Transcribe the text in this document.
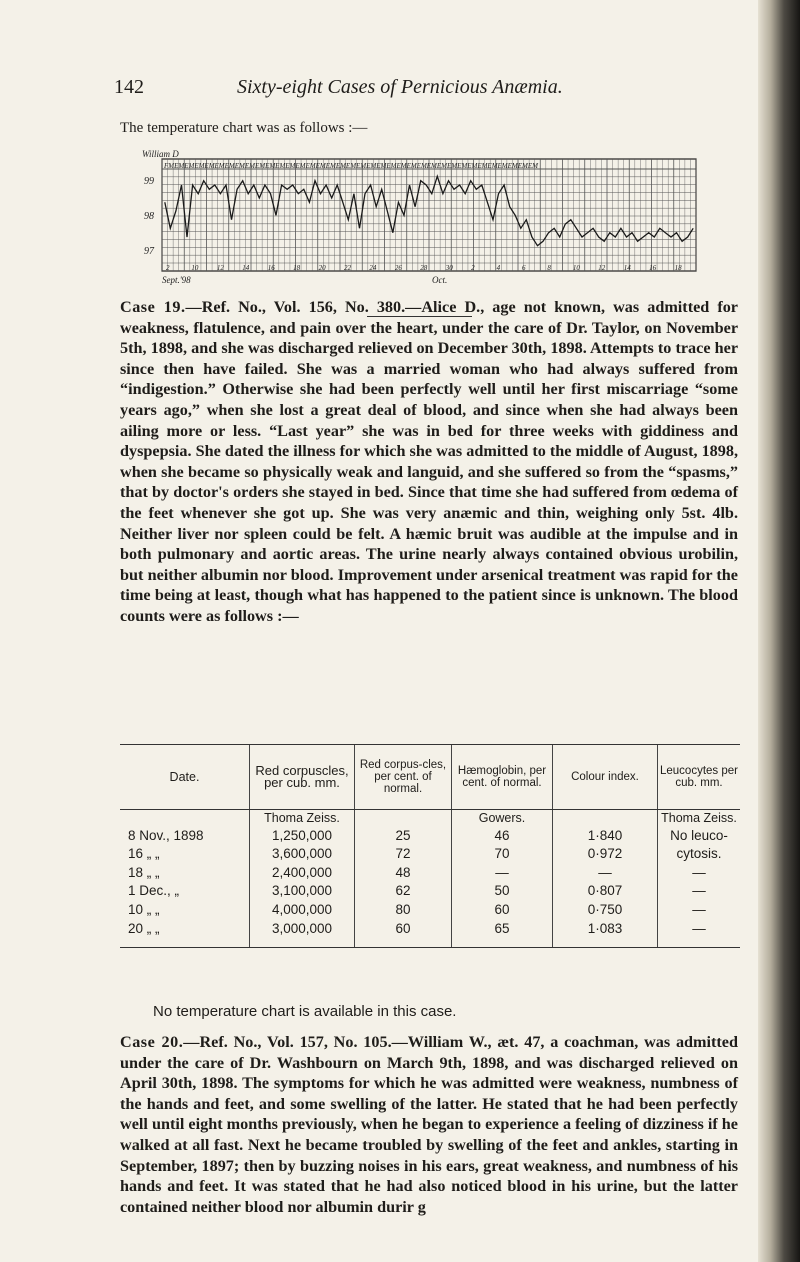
142	Sixty-eight Cases of Pernicious Anæmia.
The temperature chart was as follows :—
William D
FMEMEMEMEMEMEMEMEMEMEMEMEMEMEMEMEMEMEMEMEMEMEMEMEMEMEMEMEMEMEMEMEMEMEMEMEM
99
98
97
2	10	12	14	16	18	20	22	24	26	28	30	2	4	6	8	10	12	14	16	18
Sept.'98	Oct.

Case 19.—Ref. No., Vol. 156, No. 380.—Alice D., age not known, was admitted for weakness, flatulence, and pain over the heart, under the care of Dr. Taylor, on November 5th, 1898, and she was discharged relieved on December 30th, 1898. Attempts to trace her since then have failed. She was a married woman who had always suffered from “indigestion.” Otherwise she had been perfectly well until her first miscarriage “some years ago,” when she lost a great deal of blood, and since when she had always been ailing more or less. “Last year” she was in bed for three weeks with giddiness and dyspepsia. She dated the illness for which she was admitted to the middle of August, 1898, when she became so physically weak and languid, and she suffered so from the “spasms,” that by doctor's orders she stayed in bed. Since that time she had suffered from œdema of the feet whenever she got up. She was very anæmic and thin, weighing only 5st. 4lb. Neither liver nor spleen could be felt. A hæmic bruit was audible at the impulse and in both pulmonary and aortic areas. The urine nearly always contained obvious urobilin, but neither albumin nor blood. Improvement under arsenical treatment was rapid for the time being at least, though what has happened to the patient since is unknown. The blood counts were as follows :—

Date.	Red corpuscles, per cub. mm.	Red corpus-cles, per cent. of normal.	Hæmoglobin, per cent. of normal.	Colour index.	Leucocytes per cub. mm.
	Thoma Zeiss.		Gowers.		Thoma Zeiss.
8 Nov., 1898	1,250,000	25	46	1·840	No leuco-
16 „ „	3,600,000	72	70	0·972	cytosis.
18 „ „	2,400,000	48	—	—	—
1 Dec., „	3,100,000	62	50	0·807	—
10 „ „	4,000,000	80	60	0·750	—
20 „ „	3,000,000	60	65	1·083	—
No temperature chart is available in this case.

Case 20.—Ref. No., Vol. 157, No. 105.—William W., æt. 47, a coachman, was admitted under the care of Dr. Washbourn on March 9th, 1898, and was discharged relieved on April 30th, 1898. The symptoms for which he was admitted were weakness, numbness of the hands and feet, and some swelling of the latter. He stated that he had been perfectly well until eight months previously, when he began to experience a feeling of dizziness if he walked at all fast. Next he became troubled by swelling of the feet and ankles, starting in September, 1897; then by buzzing noises in his ears, great weakness, and numbness of his hands and feet. It was stated that he had also noticed blood in his urine, but the latter contained neither blood nor albumin durir g
